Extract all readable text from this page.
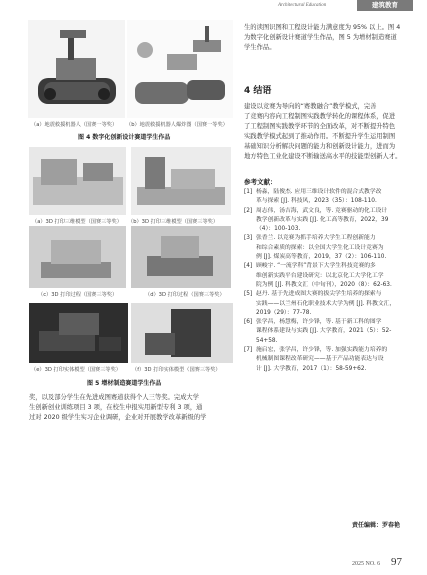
Architectural Education	建筑教育
（a）地震救援机器人（国赛一等奖） （b）地震救援机器人爆炸图（国赛一等奖）
图 4 数字化创新设计赛道学生作品
（a）3D 打印三维模型（国赛三等奖） （b）3D 打印三维模型（国赛三等奖）
（c）3D 打印过程（国赛三等奖）	（d）3D 打印过程（国赛三等奖）
（e）3D 打印实体模型（国赛三等奖） （f）3D 打印实体模型（国赛三等奖）
图 5 增材制造赛道学生作品
奖，以及部分学生在先进成图赛道获得个人三等奖。完成大学
生创新创业训练项目 3 项，在校生申报实用新型专利 3 项，通
过对 2020 级学生实习企业调研，企业对开展教学改革新级的学
生的读图识图和工程设计能力满意度为 95% 以上。图 4
为数字化创新设计赛道学生作品，图 5 为增材制造赛道
学生作品。
4 结语
建设以竞赛为导向的“赛教融合”教学模式，完善
了竞赛内容向工程制图实践教学转化的课程体系，促进
了工程制图实践教学环节的全面改革，对不断提升特色
实践教学模式起到了推动作用。不断提升学生运用制图
基础知识分析解决问题的能力和创新设计能力，进而为
地方特色工业化建设不断输送高水平的技能型创新人才。
参考文献：
[1] 杨淼，陆俊杰. 应用三维设计软件的混合式教学改
革与探索 [J]. 科技风，2023（35）：108-110.
[2] 周志伟，汤吉海，武文良，等. 竞赛驱动的化工设计
教学创新改革与实践 [J]. 化工高等教育，2022，39
（4）：100-103.
[3] 张香兰. 以竞赛为抓手培养大学生工程创新能力
和综合素质的探索：以全国大学生化工设计竞赛为
例 [J]. 煤炭高等教育，2019，37（2）：106-110.
[4] 顾峻宇. “一流学科”背景下大学生科技竞赛的多
维创新实践平台建设研究：以北京化工大学化工学
院为例 [J]. 科教文汇（中旬刊），2020（8）：62-63.
[5] 赵丹. 基于先进成图大赛的拔尖学生培养的探索与
实践——以兰州石化职业技术大学为例 [J]. 科教文汇，
2019（29）：77-78.
[6] 张学昌，杨慧梅，许少锋，等. 基于新工科的图学
课程体系建设与实践 [J]. 大学教育，2021（5）：52-
54+58.
[7] 施启宏，张学昌，许少锋，等. 加强实践能力培养的
机械制图课程改革研究——基于产品功能表达与设
计 [J]. 大学教育，2017（1）：58-59+62.
责任编辑：罗春艳
2025 NO. 6 97
